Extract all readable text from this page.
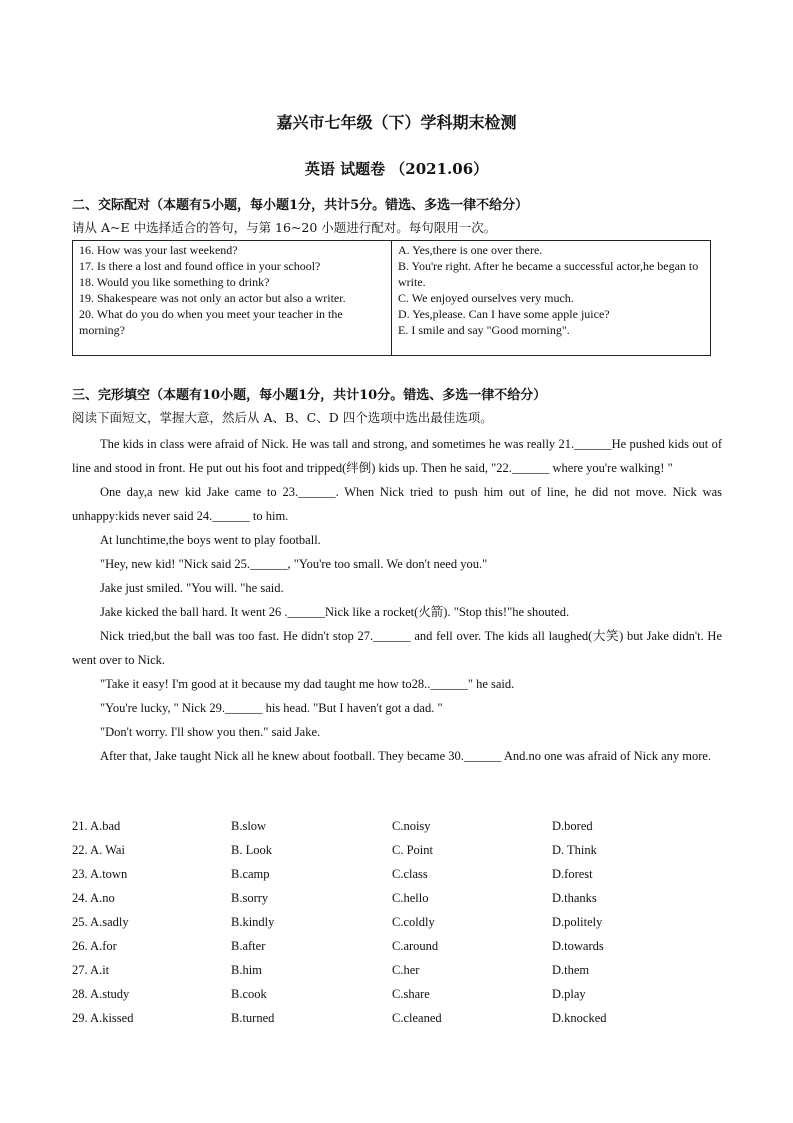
嘉兴市七年级（下）学科期末检测
英语 试题卷 （2021.06）
二、交际配对（本题有5小题，每小题1分，共计5分。错选、多选一律不给分）
请从 A~E 中选择适合的答句，与第 16~20 小题进行配对。每句限用一次。
16. How was your last weekend?
17. Is there a lost and found office in your school?
18. Would you like something to drink?
19. Shakespeare was not only an actor but also a writer.
20. What do you do when you meet your teacher in the morning?
A. Yes,there is one over there.
B. You're right. After he became a successful actor,he began to write.
C. We enjoyed ourselves very much.
D. Yes,please. Can I have some apple juice?
E. I smile and say "Good morning".
三、完形填空（本题有10小题，每小题1分，共计10分。错选、多选一律不给分）
阅读下面短文，掌握大意，然后从 A、B、C、D 四个选项中选出最佳选项。

The kids in class were afraid of Nick. He was tall and strong, and sometimes he was really 21.______He pushed kids out of line and stood in front. He put out his foot and tripped(绊倒) kids up. Then he said, "22.______ where you're walking! "

One day,a new kid Jake came to 23.______. When Nick tried to push him out of line, he did not move. Nick was unhappy:kids never said 24.______ to him.

At lunchtime,the boys went to play football.

"Hey, new kid! "Nick said 25.______, "You're too small. We don't need you."

Jake just smiled. "You will. "he said.

Jake kicked the ball hard. It went 26 .______Nick like a rocket(火箭). "Stop this!"he shouted.

Nick tried,but the ball was too fast. He didn't stop 27.______ and fell over. The kids all laughed(大笑) but Jake didn't. He went over to Nick.

"Take it easy! I'm good at it because my dad taught me how to28..______" he said.

"You're lucky, " Nick 29.______ his head. "But I haven't got a dad. "

"Don't worry. I'll show you then." said Jake.

After that, Jake taught Nick all he knew about football. They became 30.______ And.no one was afraid of Nick any more.

21. A.bad	B.slow	C.noisy	D.bored
22. A. Wai	B. Look	C. Point	D. Think
23. A.town	B.camp	C.class	D.forest
24. A.no	B.sorry	C.hello	D.thanks
25. A.sadly	B.kindly	C.coldly	D.politely
26. A.for	B.after	C.around	D.towards
27. A.it	B.him	C.her	D.them
28. A.study	B.cook	C.share	D.play
29. A.kissed	B.turned	C.cleaned	D.knocked
